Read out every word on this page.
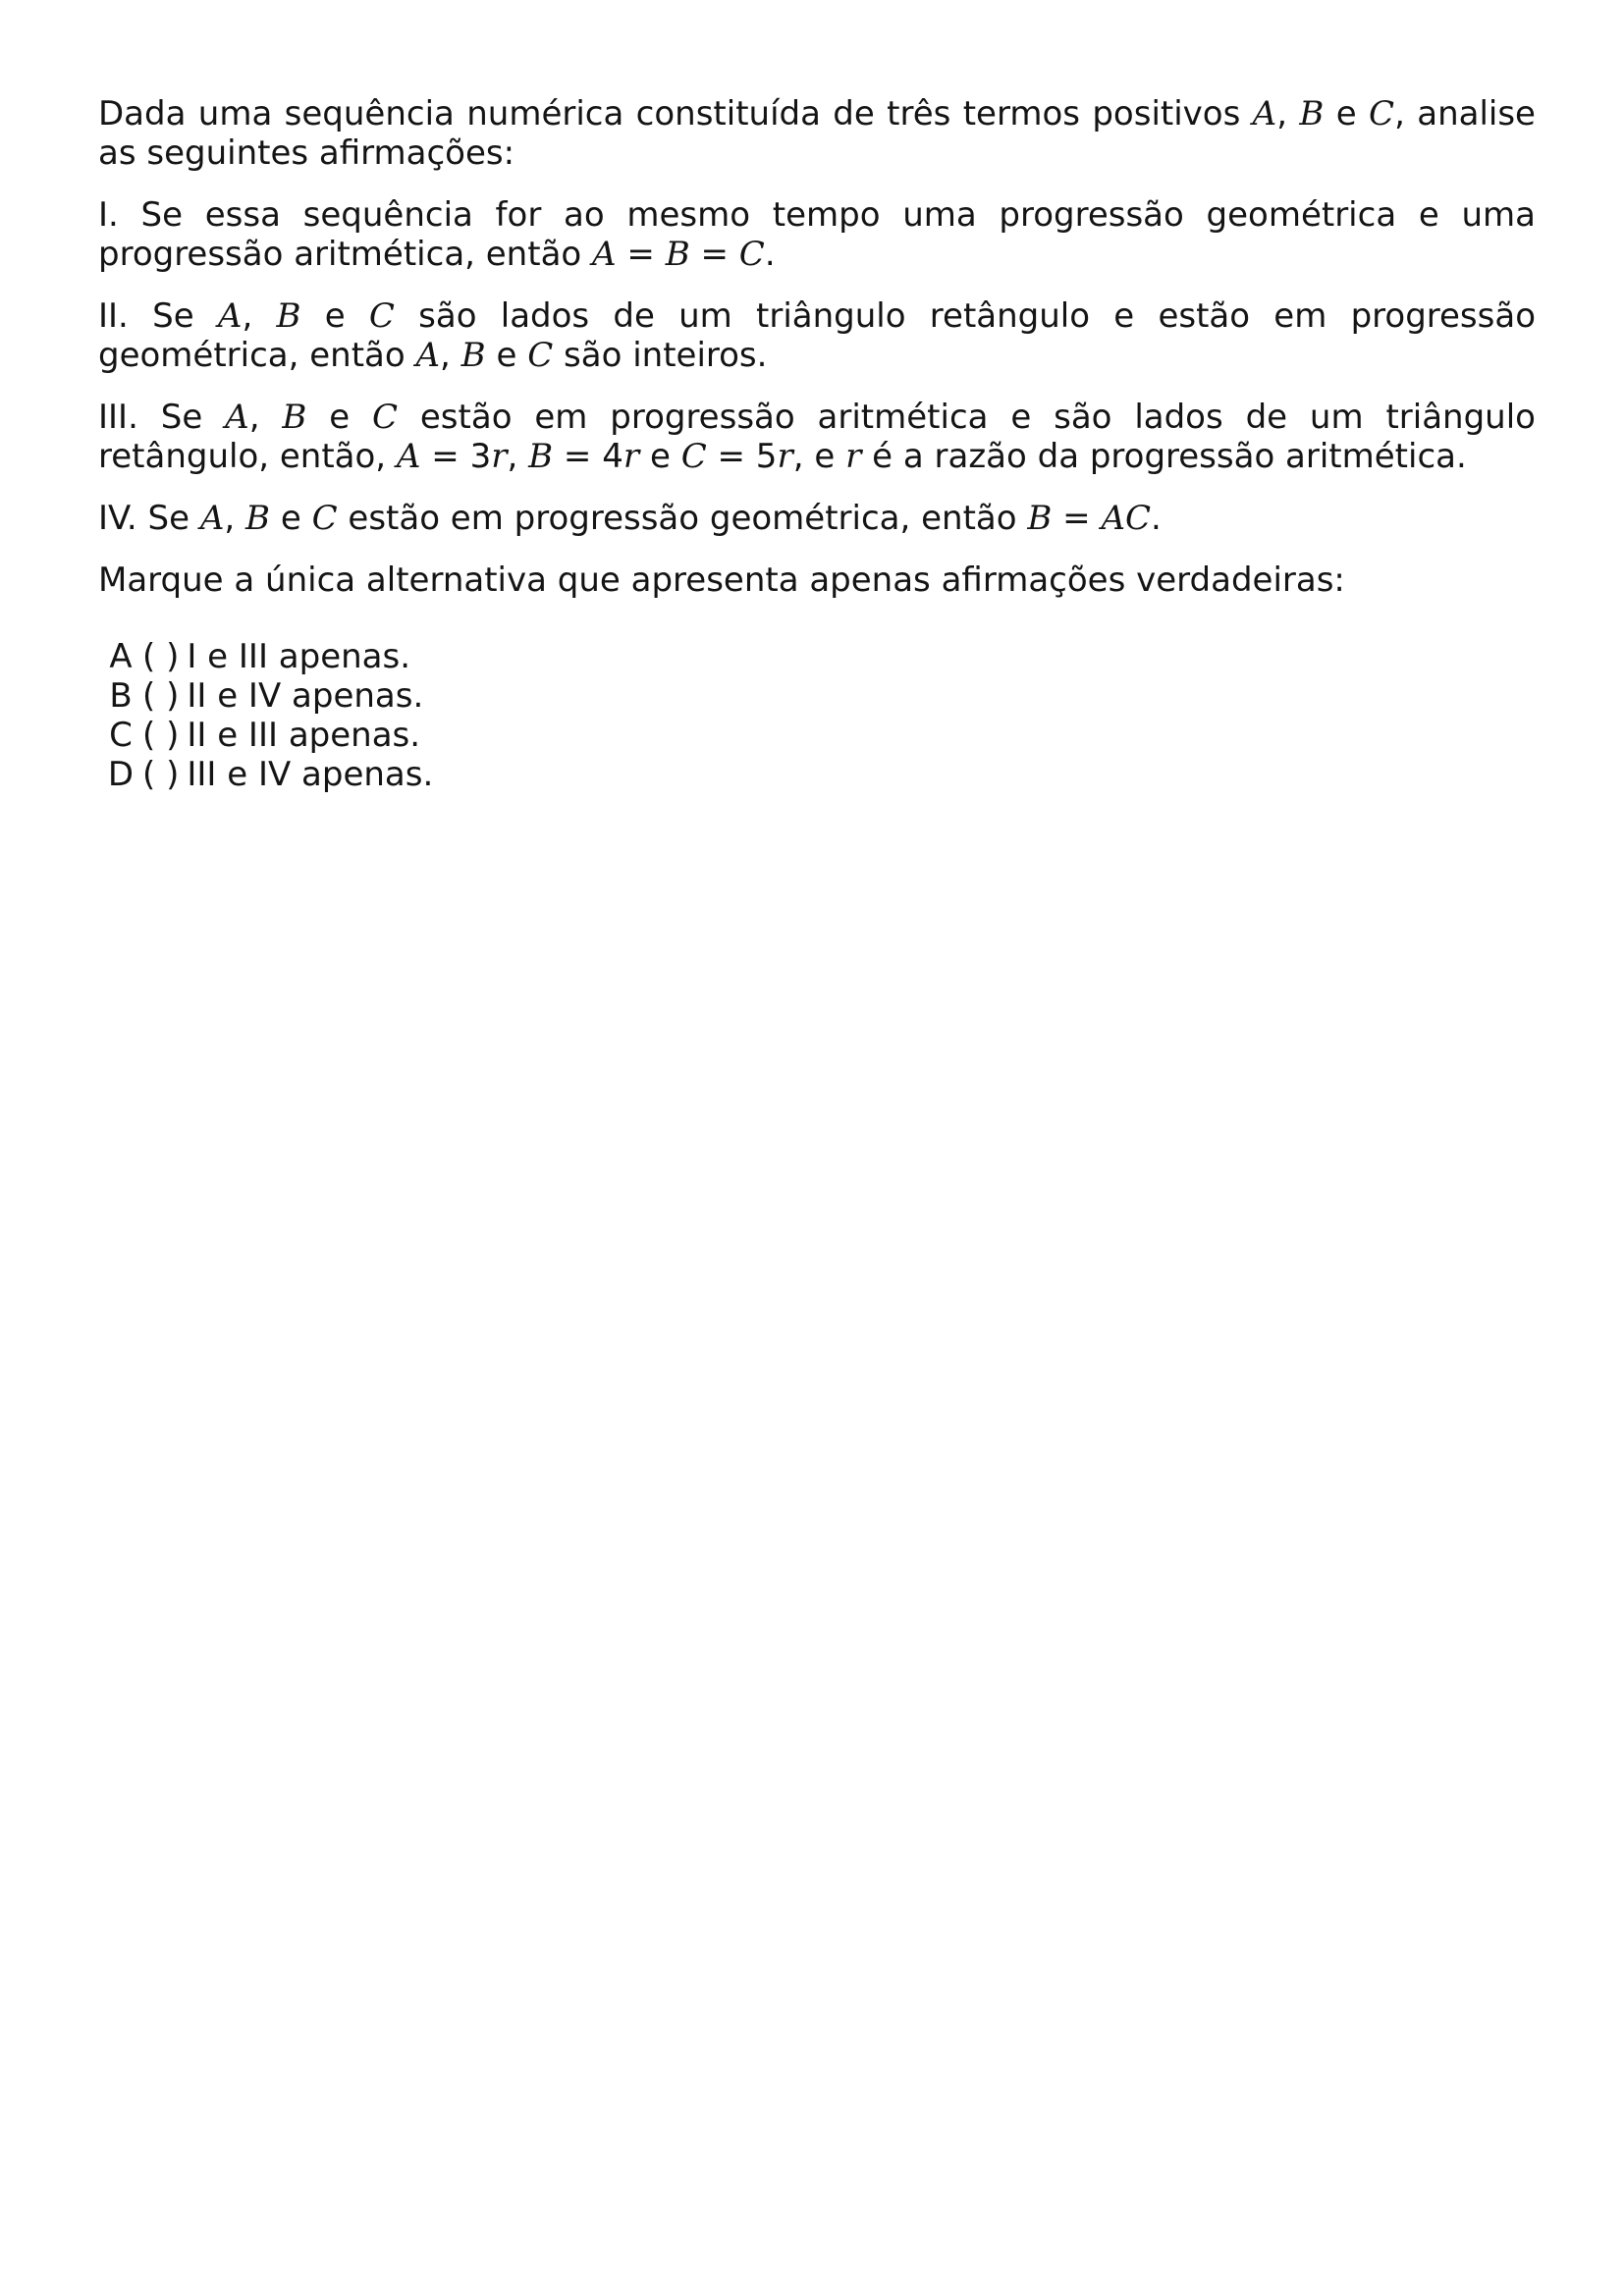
Dada uma sequência numérica constituída de três termos positivos A, B e C, analise as seguintes afirmações:

I. Se essa sequência for ao mesmo tempo uma progressão geométrica e uma progressão aritmética, então A = B = C.

II. Se A, B e C são lados de um triângulo retângulo e estão em progressão geométrica, então A, B e C são inteiros.

III. Se A, B e C estão em progressão aritmética e são lados de um triângulo retângulo, então, A = 3r, B = 4r e C = 5r, e r é a razão da progressão aritmética.

IV. Se A, B e C estão em progressão geométrica, então B = AC.

Marque a única alternativa que apresenta apenas afirmações verdadeiras:

A ( ) I e III apenas.
B ( ) II e IV apenas.
C ( ) II e III apenas.
D ( ) III e IV apenas.
